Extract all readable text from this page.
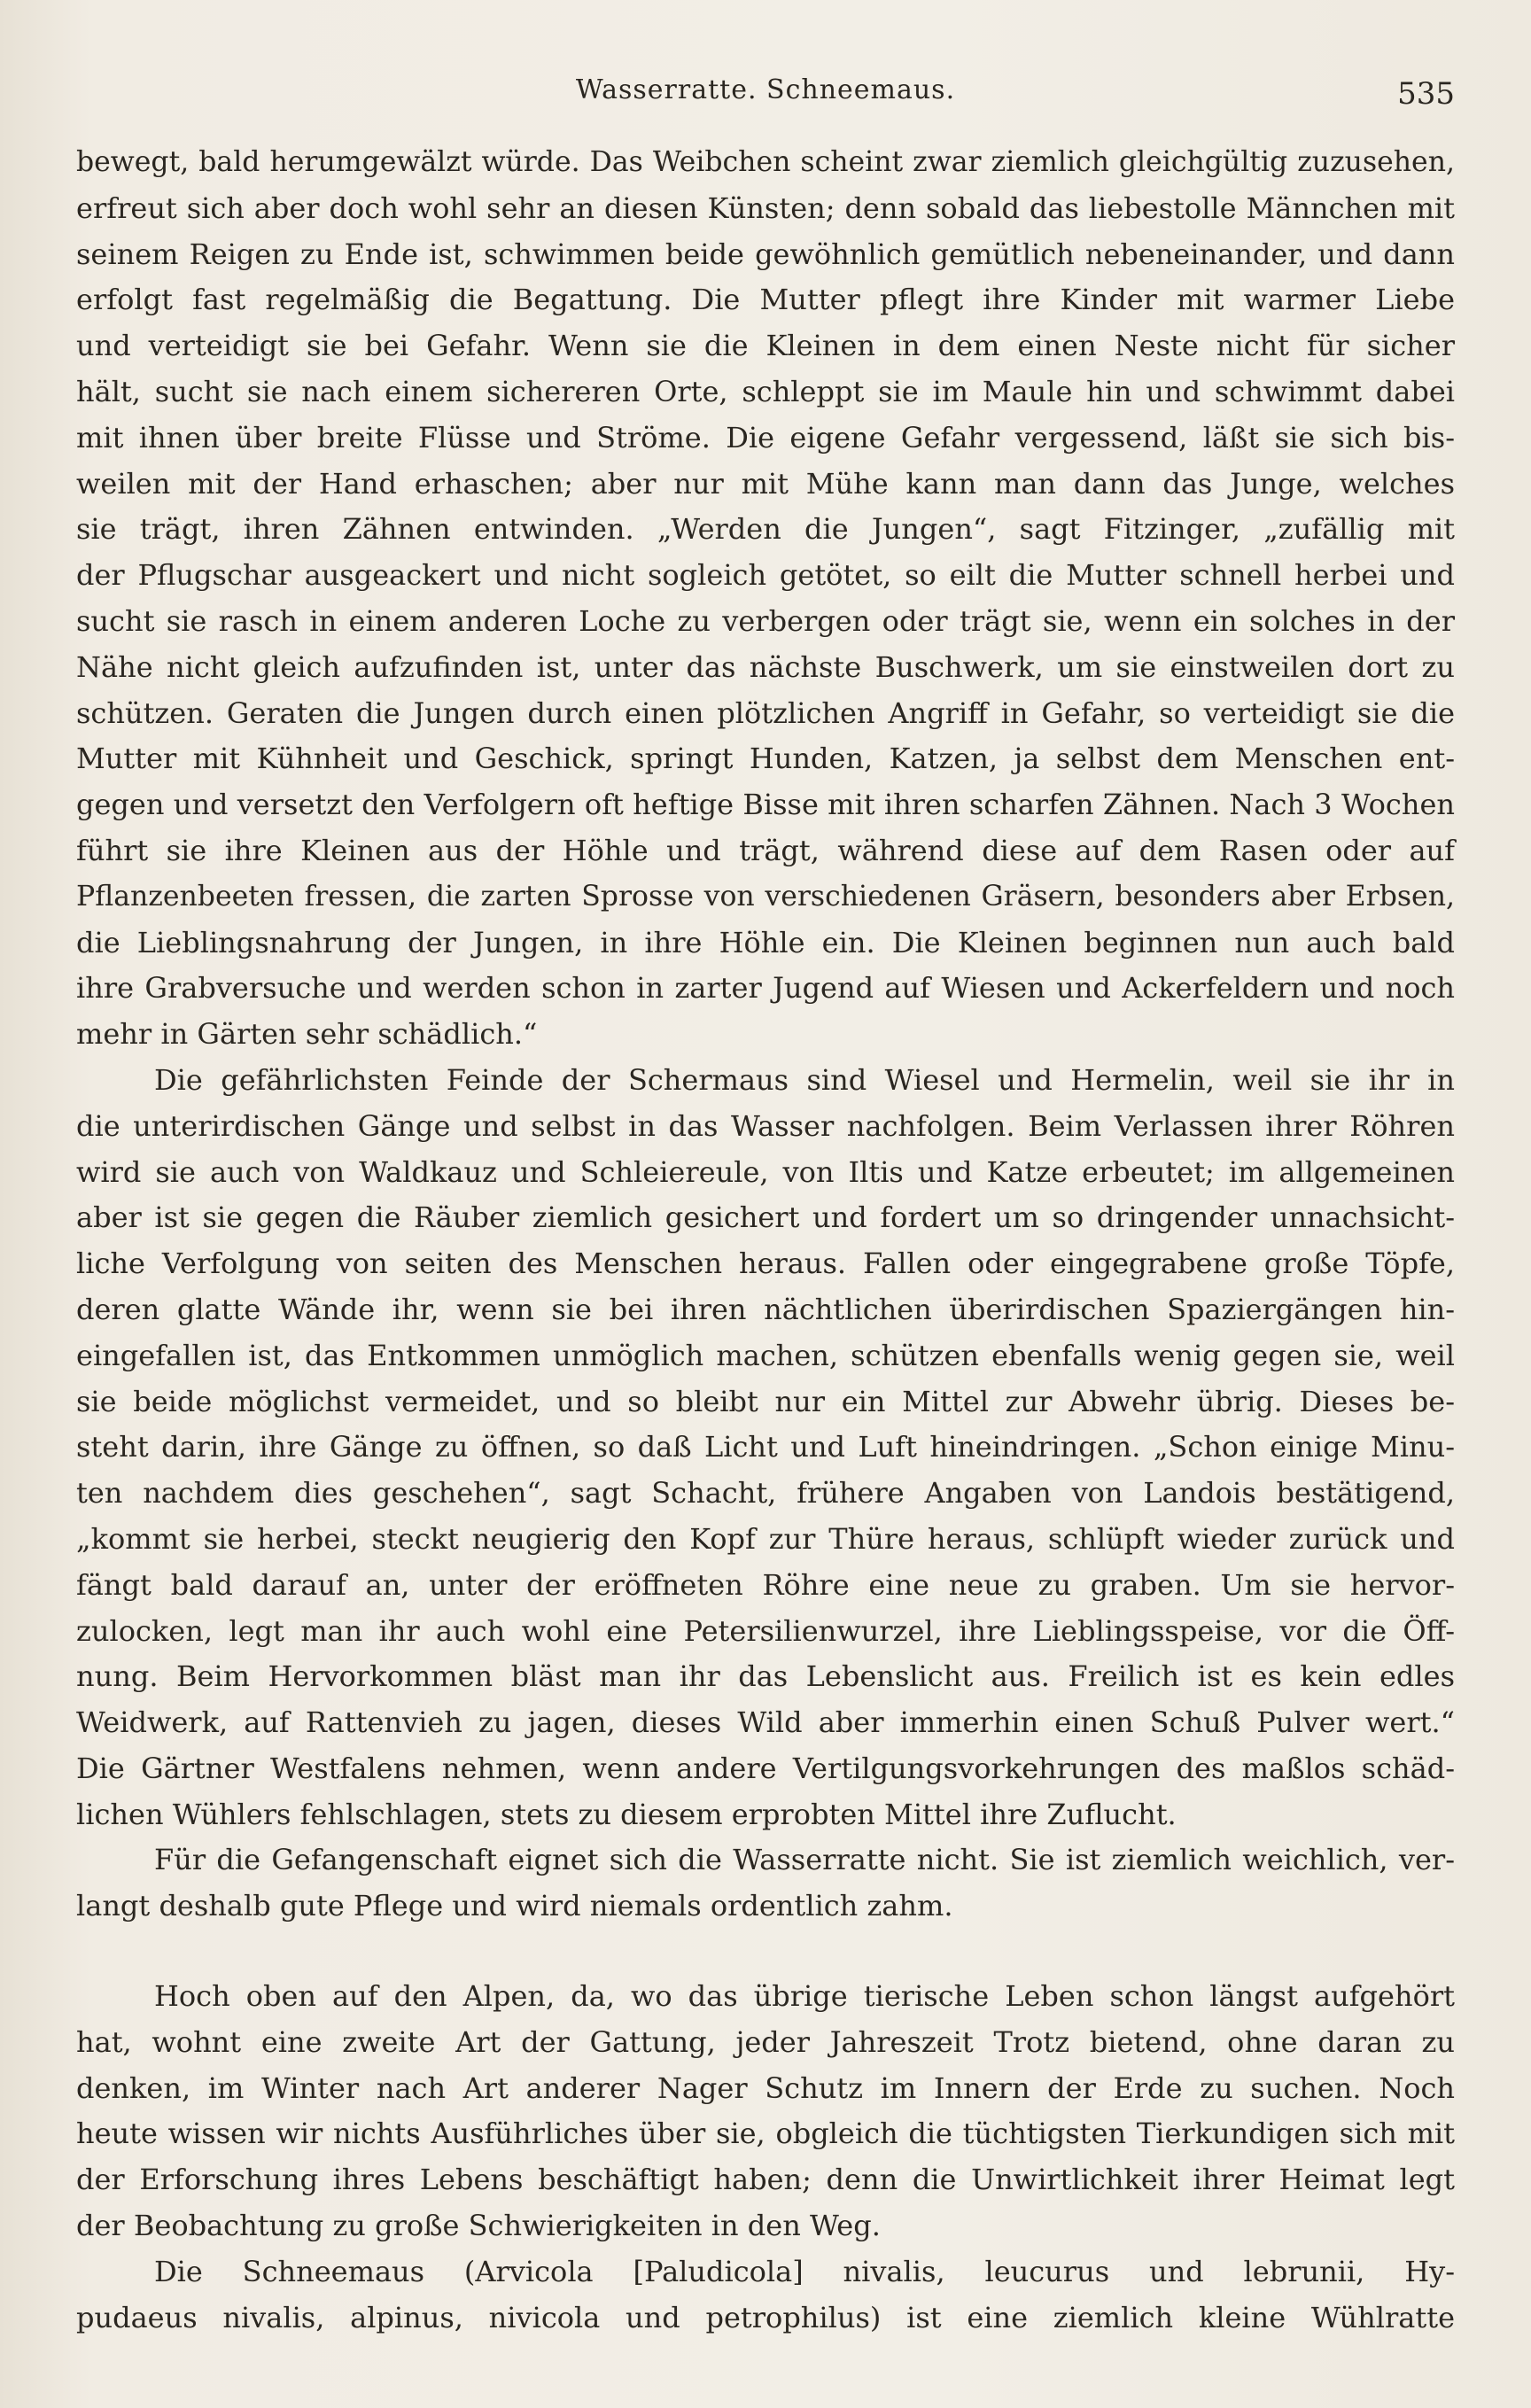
Wasserratte. Schneemaus.	535
bewegt, bald herumgewälzt würde. Das Weibchen scheint zwar ziemlich gleichgültig zuzusehen,
erfreut sich aber doch wohl sehr an diesen Künsten; denn sobald das liebestolle Männchen mit
seinem Reigen zu Ende ist, schwimmen beide gewöhnlich gemütlich nebeneinander, und dann
erfolgt fast regelmäßig die Begattung. Die Mutter pflegt ihre Kinder mit warmer Liebe
und verteidigt sie bei Gefahr. Wenn sie die Kleinen in dem einen Neste nicht für sicher
hält, sucht sie nach einem sichereren Orte, schleppt sie im Maule hin und schwimmt dabei
mit ihnen über breite Flüsse und Ströme. Die eigene Gefahr vergessend, läßt sie sich bis-
weilen mit der Hand erhaschen; aber nur mit Mühe kann man dann das Junge, welches
sie trägt, ihren Zähnen entwinden. „Werden die Jungen“, sagt Fitzinger, „zufällig mit
der Pflugschar ausgeackert und nicht sogleich getötet, so eilt die Mutter schnell herbei und
sucht sie rasch in einem anderen Loche zu verbergen oder trägt sie, wenn ein solches in der
Nähe nicht gleich aufzufinden ist, unter das nächste Buschwerk, um sie einstweilen dort zu
schützen. Geraten die Jungen durch einen plötzlichen Angriff in Gefahr, so verteidigt sie die
Mutter mit Kühnheit und Geschick, springt Hunden, Katzen, ja selbst dem Menschen ent-
gegen und versetzt den Verfolgern oft heftige Bisse mit ihren scharfen Zähnen. Nach 3 Wochen
führt sie ihre Kleinen aus der Höhle und trägt, während diese auf dem Rasen oder auf
Pflanzenbeeten fressen, die zarten Sprosse von verschiedenen Gräsern, besonders aber Erbsen,
die Lieblingsnahrung der Jungen, in ihre Höhle ein. Die Kleinen beginnen nun auch bald
ihre Grabversuche und werden schon in zarter Jugend auf Wiesen und Ackerfeldern und noch
mehr in Gärten sehr schädlich.“
Die gefährlichsten Feinde der Schermaus sind Wiesel und Hermelin, weil sie ihr in
die unterirdischen Gänge und selbst in das Wasser nachfolgen. Beim Verlassen ihrer Röhren
wird sie auch von Waldkauz und Schleiereule, von Iltis und Katze erbeutet; im allgemeinen
aber ist sie gegen die Räuber ziemlich gesichert und fordert um so dringender unnachsicht-
liche Verfolgung von seiten des Menschen heraus. Fallen oder eingegrabene große Töpfe,
deren glatte Wände ihr, wenn sie bei ihren nächtlichen überirdischen Spaziergängen hin-
eingefallen ist, das Entkommen unmöglich machen, schützen ebenfalls wenig gegen sie, weil
sie beide möglichst vermeidet, und so bleibt nur ein Mittel zur Abwehr übrig. Dieses be-
steht darin, ihre Gänge zu öffnen, so daß Licht und Luft hineindringen. „Schon einige Minu-
ten nachdem dies geschehen“, sagt Schacht, frühere Angaben von Landois bestätigend,
„kommt sie herbei, steckt neugierig den Kopf zur Thüre heraus, schlüpft wieder zurück und
fängt bald darauf an, unter der eröffneten Röhre eine neue zu graben. Um sie hervor-
zulocken, legt man ihr auch wohl eine Petersilienwurzel, ihre Lieblingsspeise, vor die Öff-
nung. Beim Hervorkommen bläst man ihr das Lebenslicht aus. Freilich ist es kein edles
Weidwerk, auf Rattenvieh zu jagen, dieses Wild aber immerhin einen Schuß Pulver wert.“
Die Gärtner Westfalens nehmen, wenn andere Vertilgungsvorkehrungen des maßlos schäd-
lichen Wühlers fehlschlagen, stets zu diesem erprobten Mittel ihre Zuflucht.
Für die Gefangenschaft eignet sich die Wasserratte nicht. Sie ist ziemlich weichlich, ver-
langt deshalb gute Pflege und wird niemals ordentlich zahm.
Hoch oben auf den Alpen, da, wo das übrige tierische Leben schon längst aufgehört
hat, wohnt eine zweite Art der Gattung, jeder Jahreszeit Trotz bietend, ohne daran zu
denken, im Winter nach Art anderer Nager Schutz im Innern der Erde zu suchen. Noch
heute wissen wir nichts Ausführliches über sie, obgleich die tüchtigsten Tierkundigen sich mit
der Erforschung ihres Lebens beschäftigt haben; denn die Unwirtlichkeit ihrer Heimat legt
der Beobachtung zu große Schwierigkeiten in den Weg.
Die Schneemaus (Arvicola [Paludicola] nivalis, leucurus und lebrunii, Hy-
pudaeus nivalis, alpinus, nivicola und petrophilus) ist eine ziemlich kleine Wühlratte
